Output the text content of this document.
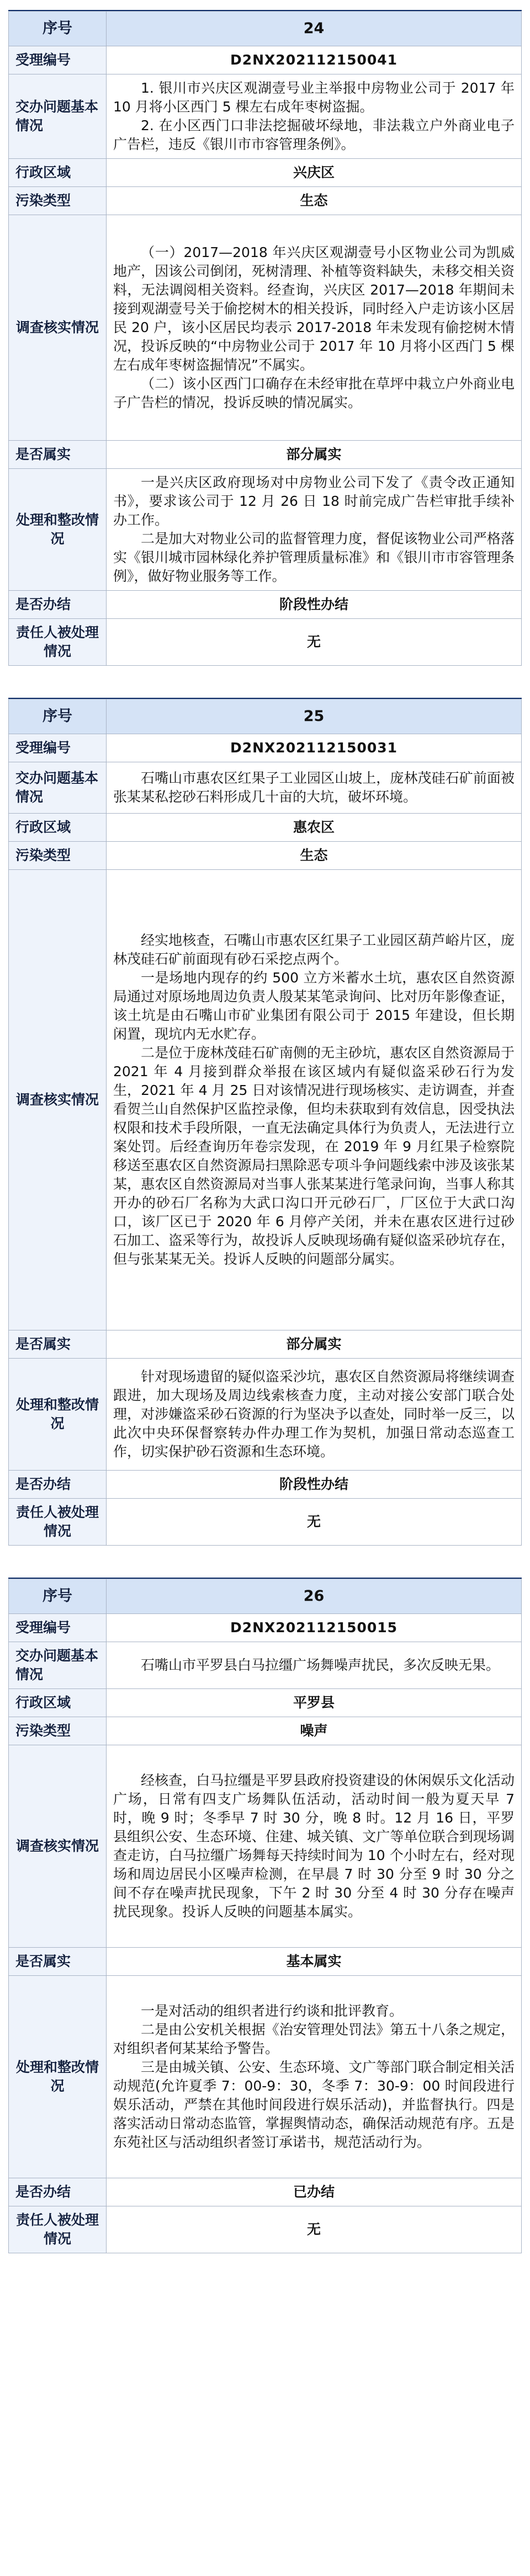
序号	24
受理编号	D2NX202112150041
交办问题基本情况	1. 银川市兴庆区观湖壹号业主举报中房物业公司于 2017 年 10 月将小区西门 5 棵左右成年枣树盗掘。

2. 在小区西门口非法挖掘破坏绿地，非法栽立户外商业电子广告栏，违反《银川市市容管理条例》。

行政区域	兴庆区
污染类型	生态
调查核实情况	（一）2017—2018 年兴庆区观湖壹号小区物业公司为凯威地产，因该公司倒闭，死树清理、补植等资料缺失，未移交相关资料，无法调阅相关资料。经查询，兴庆区 2017—2018 年期间未接到观湖壹号关于偷挖树木的相关投诉，同时经入户走访该小区居民 20 户，该小区居民均表示 2017-2018 年未发现有偷挖树木情况，投诉反映的“中房物业公司于 2017 年 10 月将小区西门 5 棵左右成年枣树盗掘情况”不属实。

（二）该小区西门口确存在未经审批在草坪中栽立户外商业电子广告栏的情况，投诉反映的情况属实。

是否属实	部分属实
处理和整改情况	一是兴庆区政府现场对中房物业公司下发了《责令改正通知书》，要求该公司于 12 月 26 日 18 时前完成广告栏审批手续补办工作。

二是加大对物业公司的监督管理力度，督促该物业公司严格落实《银川城市园林绿化养护管理质量标准》和《银川市市容管理条例》，做好物业服务等工作。

是否办结	阶段性办结
责任人被处理情况	无
序号	25
受理编号	D2NX202112150031
交办问题基本情况	石嘴山市惠农区红果子工业园区山坡上，庞林茂硅石矿前面被张某某私挖砂石料形成几十亩的大坑，破坏环境。

行政区域	惠农区
污染类型	生态
调查核实情况	经实地核查，石嘴山市惠农区红果子工业园区葫芦峪片区，庞林茂硅石矿前面现有砂石采挖点两个。

一是场地内现存的约 500 立方米蓄水土坑，惠农区自然资源局通过对原场地周边负责人殷某某笔录询问、比对历年影像查证，该土坑是由石嘴山市矿业集团有限公司于 2015 年建设，但长期闲置，现坑内无水贮存。

二是位于庞林茂硅石矿南侧的无主砂坑，惠农区自然资源局于 2021 年 4 月接到群众举报在该区域内有疑似盗采砂石行为发生，2021 年 4 月 25 日对该情况进行现场核实、走访调查，并查看贺兰山自然保护区监控录像，但均未获取到有效信息，因受执法权限和技术手段所限，一直无法确定具体行为负责人，无法进行立案处罚。后经查询历年卷宗发现，在 2019 年 9 月红果子检察院移送至惠农区自然资源局扫黑除恶专项斗争问题线索中涉及该张某某，惠农区自然资源局对当事人张某某进行笔录问询，当事人称其开办的砂石厂名称为大武口沟口开元砂石厂，厂区位于大武口沟口，该厂区已于 2020 年 6 月停产关闭，并未在惠农区进行过砂石加工、盗采等行为，故投诉人反映现场确有疑似盗采砂坑存在，但与张某某无关。投诉人反映的问题部分属实。

是否属实	部分属实
处理和整改情况	针对现场遗留的疑似盗采沙坑，惠农区自然资源局将继续调查跟进，加大现场及周边线索核查力度，主动对接公安部门联合处理，对涉嫌盗采砂石资源的行为坚决予以查处，同时举一反三，以此次中央环保督察转办件办理工作为契机，加强日常动态巡查工作，切实保护砂石资源和生态环境。

是否办结	阶段性办结
责任人被处理情况	无
序号	26
受理编号	D2NX202112150015
交办问题基本情况	石嘴山市平罗县白马拉缰广场舞噪声扰民，多次反映无果。

行政区域	平罗县
污染类型	噪声
调查核实情况	经核查，白马拉缰是平罗县政府投资建设的休闲娱乐文化活动广场，日常有四支广场舞队伍活动，活动时间一般为夏天早 7 时，晚 9 时；冬季早 7 时 30 分，晚 8 时。12 月 16 日，平罗县组织公安、生态环境、住建、城关镇、文广等单位联合到现场调查走访，白马拉缰广场舞每天持续时间为 10 个小时左右，经对现场和周边居民小区噪声检测，在早晨 7 时 30 分至 9 时 30 分之间不存在噪声扰民现象，下午 2 时 30 分至 4 时 30 分存在噪声扰民现象。投诉人反映的问题基本属实。

是否属实	基本属实
处理和整改情况	一是对活动的组织者进行约谈和批评教育。

二是由公安机关根据《治安管理处罚法》第五十八条之规定，对组织者何某某给予警告。

三是由城关镇、公安、生态环境、文广等部门联合制定相关活动规范(允许夏季 7：00-9：30，冬季 7：30-9：00 时间段进行娱乐活动，严禁在其他时间段进行娱乐活动)，并监督执行。四是落实活动日常动态监管，掌握舆情动态，确保活动规范有序。五是东苑社区与活动组织者签订承诺书，规范活动行为。

是否办结	已办结
责任人被处理情况	无
